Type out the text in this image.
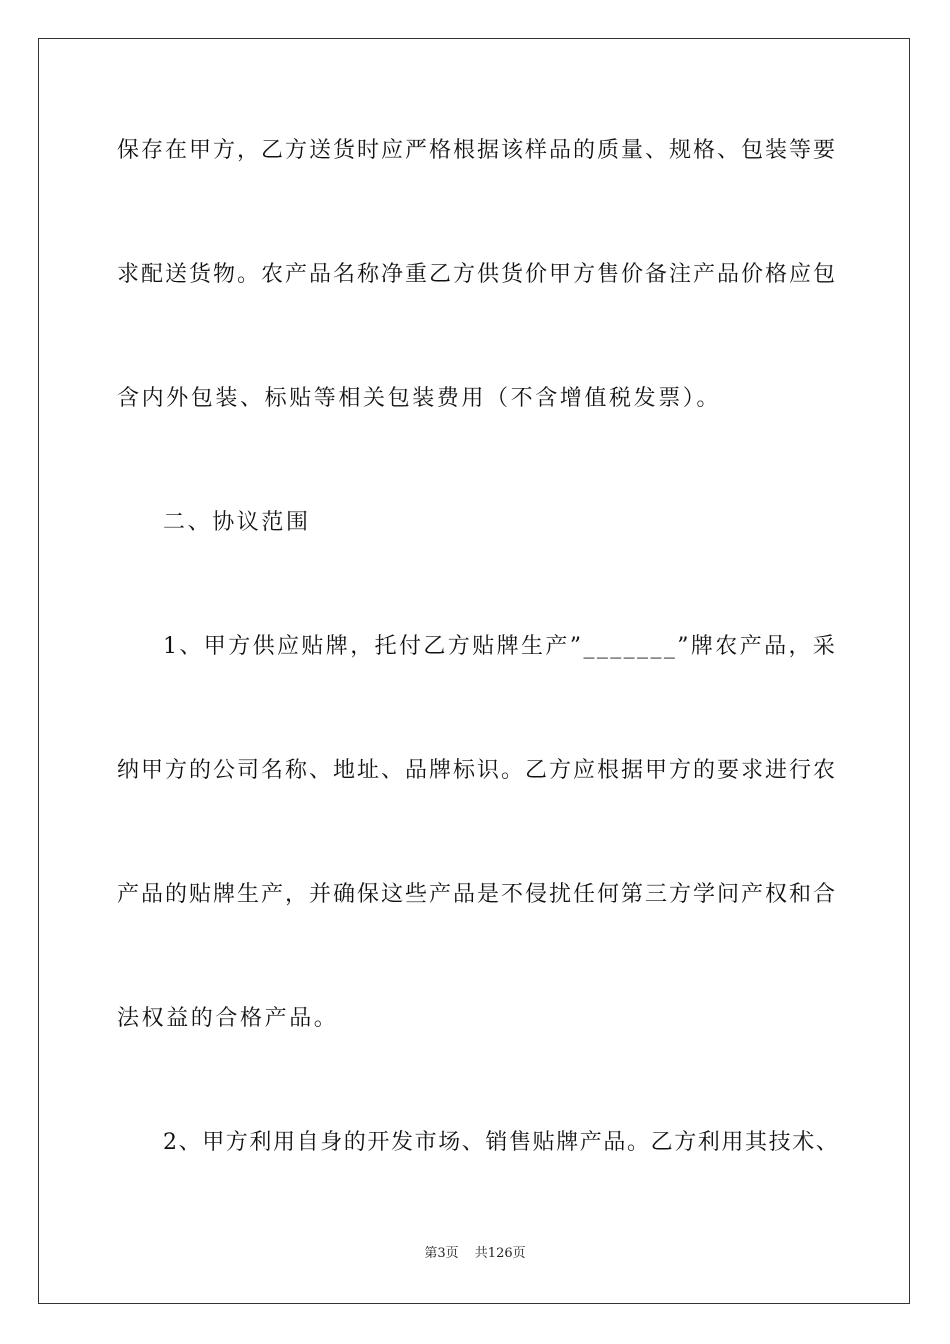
保存在甲方，乙方送货时应严格根据该样品的质量、规格、包装等要
求配送货物。农产品名称净重乙方供货价甲方售价备注产品价格应包
含内外包装、标贴等相关包装费用（不含增值税发票）。
二、协议范围
1、甲方供应贴牌，托付乙方贴牌生产”_______”牌农产品，采
纳甲方的公司名称、地址、品牌标识。乙方应根据甲方的要求进行农
产品的贴牌生产，并确保这些产品是不侵扰任何第三方学问产权和合
法权益的合格产品。
2、甲方利用自身的开发市场、销售贴牌产品。乙方利用其技术、
第3页 共126页
